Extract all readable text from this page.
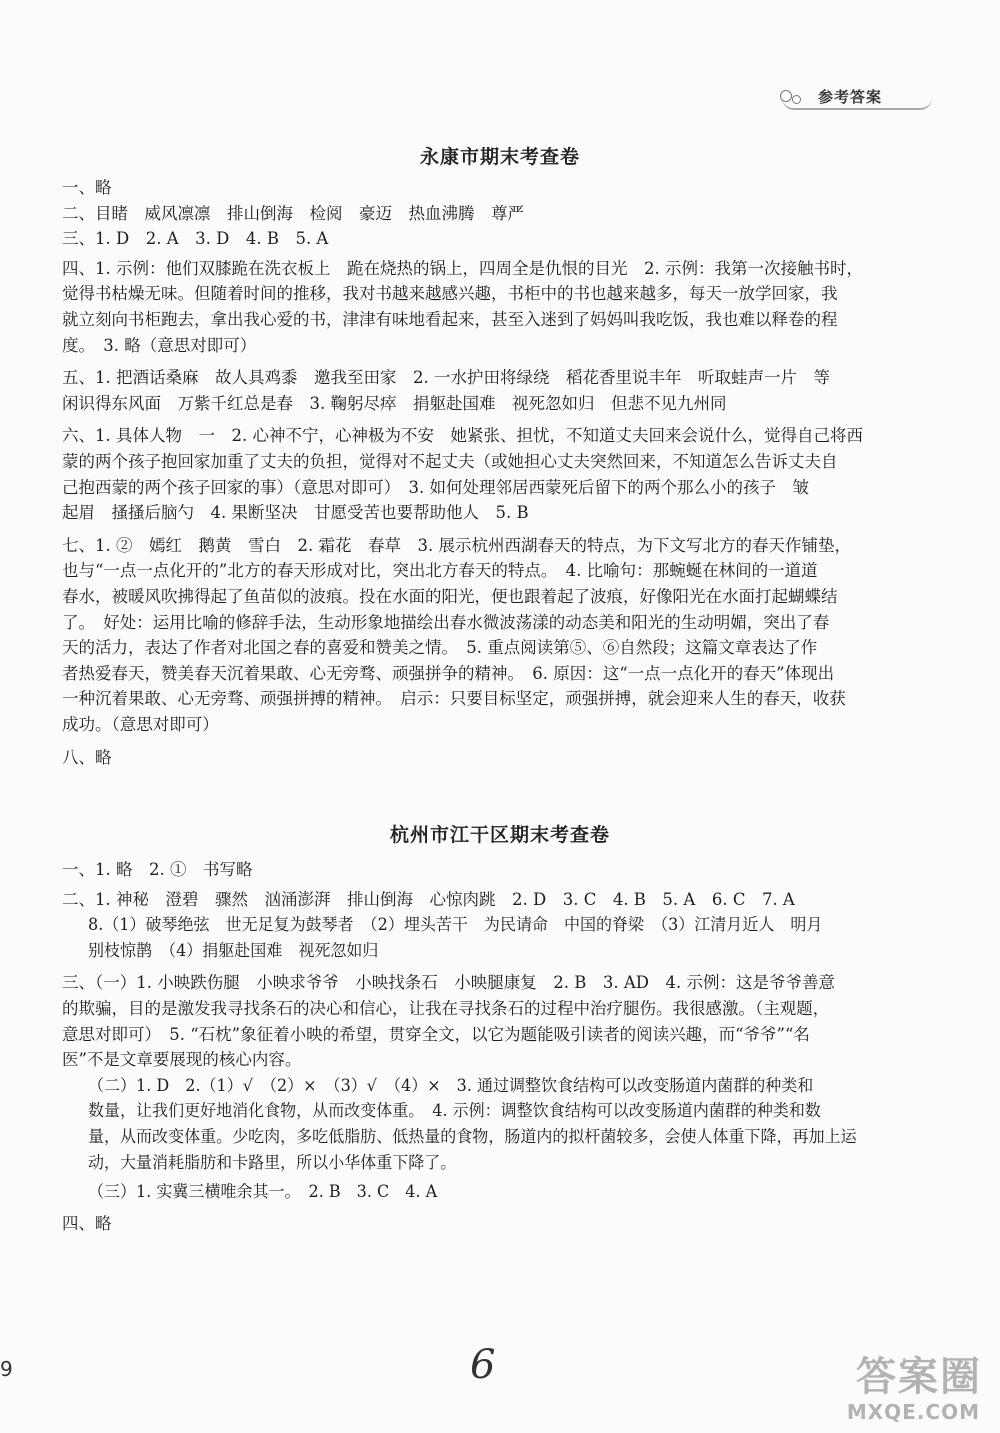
参考答案
永康市期末考查卷
一、略
二、目睹　威风凛凛　排山倒海　检阅　豪迈　热血沸腾　尊严
三、1. D　2. A　3. D　4. B　5. A
四、1. 示例：他们双膝跪在洗衣板上　跪在烧热的锅上，四周全是仇恨的目光　2. 示例：我第一次接触书时，
觉得书枯燥无味。但随着时间的推移，我对书越来越感兴趣，书柜中的书也越来越多，每天一放学回家，我
就立刻向书柜跑去，拿出我心爱的书，津津有味地看起来，甚至入迷到了妈妈叫我吃饭，我也难以释卷的程
度。　3. 略（意思对即可）
五、1. 把酒话桑麻　故人具鸡黍　邀我至田家　2. 一水护田将绿绕　稻花香里说丰年　听取蛙声一片　等
闲识得东风面　万紫千红总是春　3. 鞠躬尽瘁　捐躯赴国难　视死忽如归　但悲不见九州同
六、1. 具体人物　一　2. 心神不宁，心神极为不安　她紧张、担忧，不知道丈夫回来会说什么，觉得自己将西
蒙的两个孩子抱回家加重了丈夫的负担，觉得对不起丈夫（或她担心丈夫突然回来，不知道怎么告诉丈夫自
己抱西蒙的两个孩子回家的事）（意思对即可）　3. 如何处理邻居西蒙死后留下的两个那么小的孩子　皱
起眉　搔搔后脑勺　4. 果断坚决　甘愿受苦也要帮助他人　5. B
七、1. ②　嫣红　鹅黄　雪白　2. 霜花　春草　3. 展示杭州西湖春天的特点，为下文写北方的春天作铺垫，
也与“一点一点化开的”北方的春天形成对比，突出北方春天的特点。　4. 比喻句：那蜿蜒在林间的一道道
春水，被暖风吹拂得起了鱼苗似的波痕。投在水面的阳光，便也跟着起了波痕，好像阳光在水面打起蝴蝶结
了。　好处：运用比喻的修辞手法，生动形象地描绘出春水微波荡漾的动态美和阳光的生动明媚，突出了春
天的活力，表达了作者对北国之春的喜爱和赞美之情。　5. 重点阅读第⑤、⑥自然段；这篇文章表达了作
者热爱春天，赞美春天沉着果敢、心无旁骛、顽强拼争的精神。　6. 原因：这“一点一点化开的春天”体现出
一种沉着果敢、心无旁骛、顽强拼搏的精神。　启示：只要目标坚定，顽强拼搏，就会迎来人生的春天，收获
成功。（意思对即可）
八、略
杭州市江干区期末考查卷
一、1. 略　2. ①　书写略
二、1. 神秘　澄碧　骤然　汹涌澎湃　排山倒海　心惊肉跳　2. D　3. C　4. B　5. A　6. C　7. A
8.（1）破琴绝弦　世无足复为鼓琴者　（2）埋头苦干　为民请命　中国的脊梁　（3）江清月近人　明月
别枝惊鹊　（4）捐躯赴国难　视死忽如归
三、（一）1. 小映跌伤腿　小映求爷爷　小映找条石　小映腿康复　2. B　3. AD　4. 示例：这是爷爷善意
的欺骗，目的是激发我寻找条石的决心和信心，让我在寻找条石的过程中治疗腿伤。我很感激。（主观题，
意思对即可）　5. “石枕”象征着小映的希望，贯穿全文，以它为题能吸引读者的阅读兴趣，而“爷爷”“名
医”不是文章要展现的核心内容。
（二）1. D　2.（1）√　（2）×　（3）√　（4）×　3. 通过调整饮食结构可以改变肠道内菌群的种类和
数量，让我们更好地消化食物，从而改变体重。　4. 示例：调整饮食结构可以改变肠道内菌群的种类和数
量，从而改变体重。少吃肉，多吃低脂肪、低热量的食物，肠道内的拟杆菌较多，会使人体重下降，再加上运
动，大量消耗脂肪和卡路里，所以小华体重下降了。
（三）1. 实冀三横唯余其一。　2. B　3. C　4. A
四、略
9	6	答案圈
MXQE.COM
